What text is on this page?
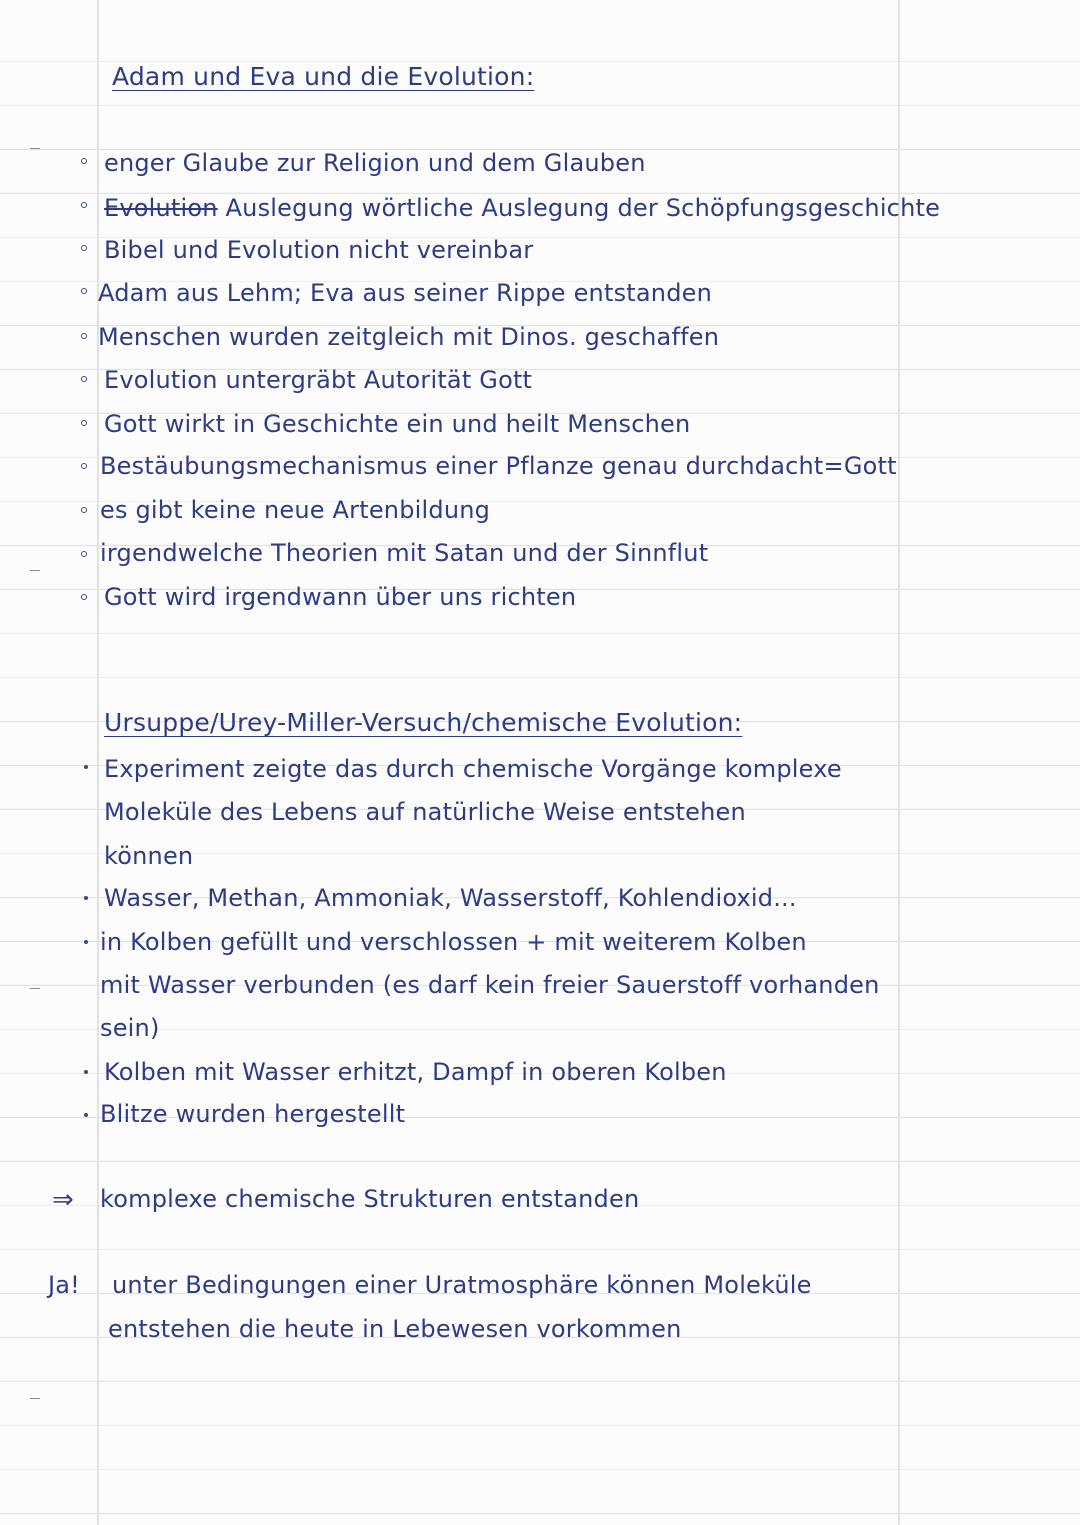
Adam und Eva und die Evolution:
enger Glaube zur Religion und dem Glauben
Evolution Auslegung wörtliche Auslegung der Schöpfungsgeschichte
Bibel und Evolution nicht vereinbar
Adam aus Lehm; Eva aus seiner Rippe entstanden
Menschen wurden zeitgleich mit Dinos. geschaffen
Evolution untergräbt Autorität Gott
Gott wirkt in Geschichte ein und heilt Menschen
Bestäubungsmechanismus einer Pflanze genau durchdacht=Gott
es gibt keine neue Artenbildung
irgendwelche Theorien mit Satan und der Sinnflut
Gott wird irgendwann über uns richten
Ursuppe/Urey-Miller-Versuch/chemische Evolution:
Experiment zeigte das durch chemische Vorgänge komplexe
Moleküle des Lebens auf natürliche Weise entstehen
können
Wasser, Methan, Ammoniak, Wasserstoff, Kohlendioxid...
in Kolben gefüllt und verschlossen + mit weiterem Kolben
mit Wasser verbunden (es darf kein freier Sauerstoff vorhanden
sein)
Kolben mit Wasser erhitzt, Dampf in oberen Kolben
Blitze wurden hergestellt
⇒ komplexe chemische Strukturen entstanden
Ja! unter Bedingungen einer Uratmosphäre können Moleküle
entstehen die heute in Lebewesen vorkommen
